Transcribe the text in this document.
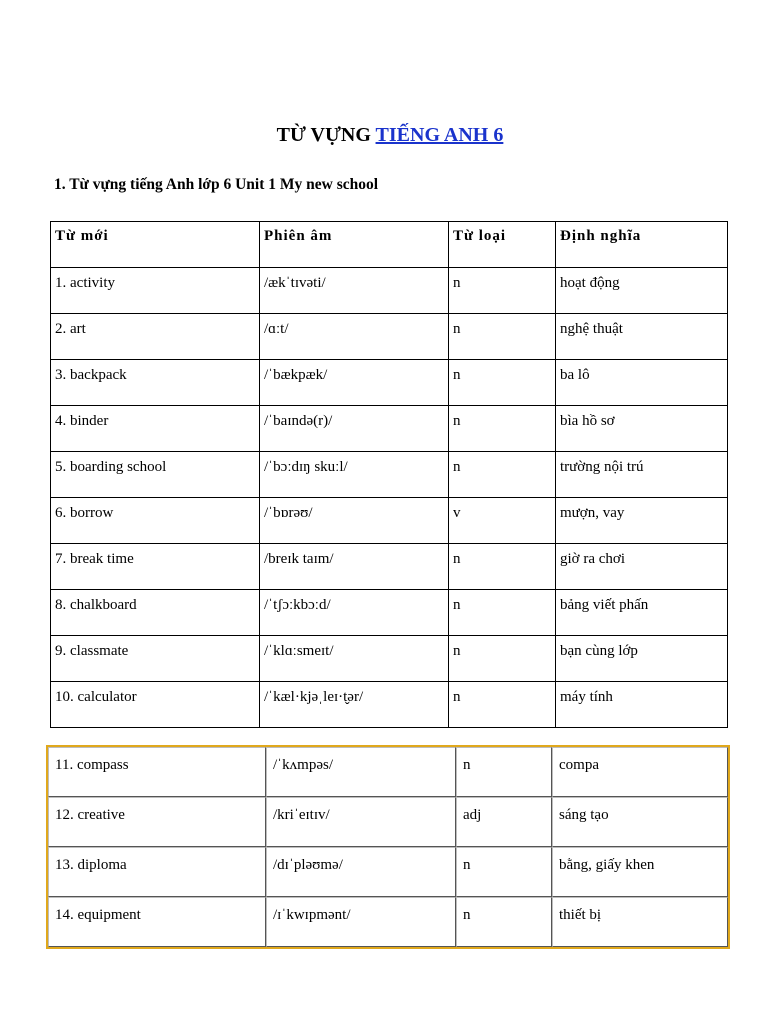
TỪ VỰNG TIẾNG ANH 6
1. Từ vựng tiếng Anh lớp 6 Unit 1 My new school
Từ mới	Phiên âm	Từ loại	Định nghĩa
1. activity	/ækˈtɪvəti/	n	hoạt động
2. art	/ɑːt/	n	nghệ thuật
3. backpack	/ˈbækpæk/	n	ba lô
4. binder	/ˈbaɪndə(r)/	n	bìa hồ sơ
5. boarding school	/ˈbɔːdɪŋ skuːl/	n	trường nội trú
6. borrow	/ˈbɒrəʊ/	v	mượn, vay
7. break time	/breɪk taɪm/	n	giờ ra chơi
8. chalkboard	/ˈtʃɔːkbɔːd/	n	bảng viết phấn
9. classmate	/ˈklɑːsmeɪt/	n	bạn cùng lớp
10. calculator	/ˈkæl·kjəˌleɪ·t̬ər/	n	máy tính
11. compass	/ˈkʌmpəs/	n	compa
12. creative	/kriˈeɪtɪv/	adj	sáng tạo
13. diploma	/dɪˈpləʊmə/	n	bằng, giấy khen
14. equipment	/ɪˈkwɪpmənt/	n	thiết bị
